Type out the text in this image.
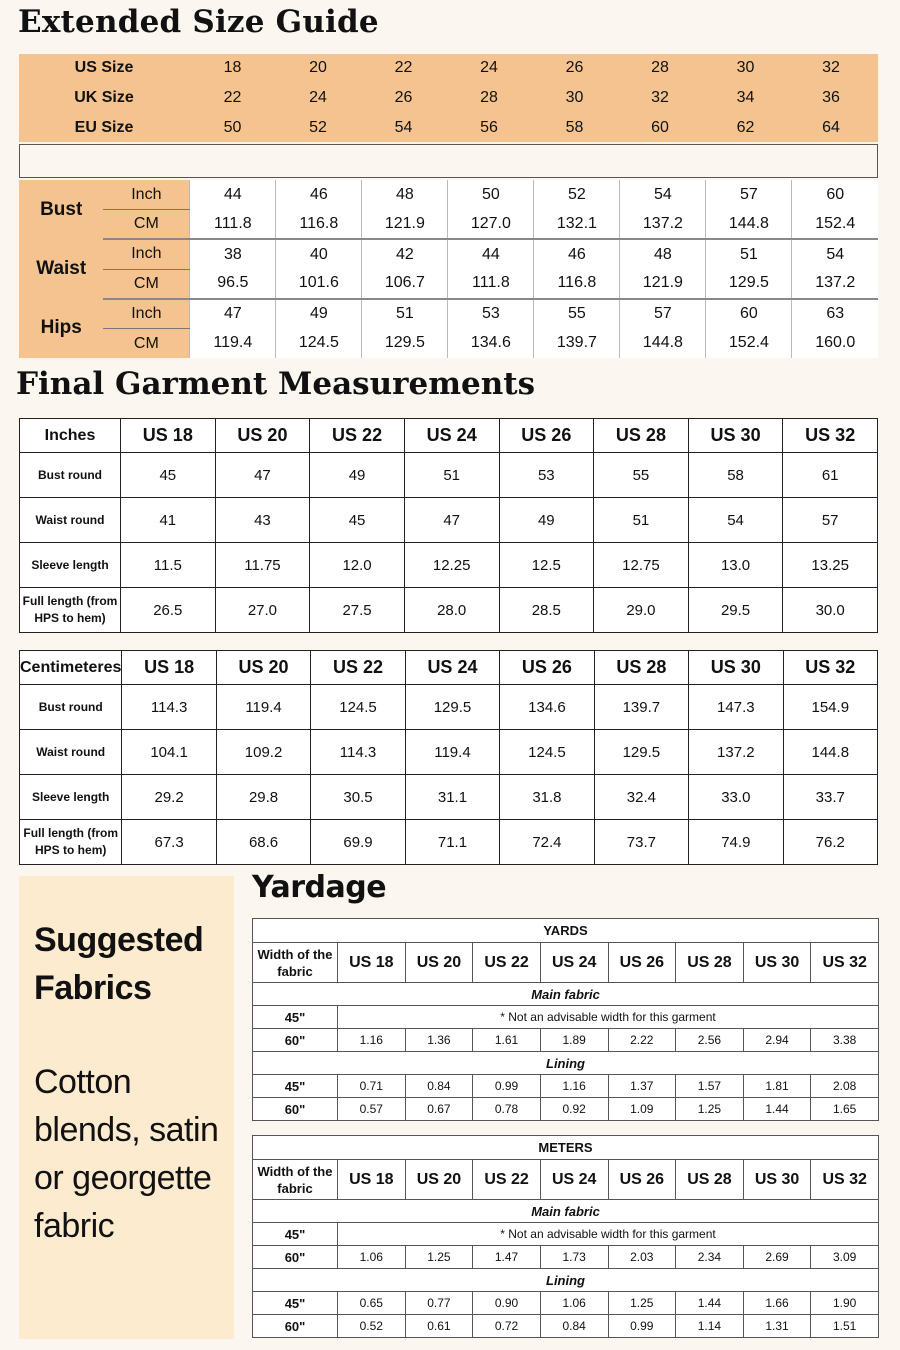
Extended Size Guide
US Size	18	20	22	24	26	28	30	32
UK Size	22	24	26	28	30	32	34	36
EU Size	50	52	54	56	58	60	62	64
Bust	Inch	44	46	48	50	52	54	57	60
	CM	111.8	116.8	121.9	127.0	132.1	137.2	144.8	152.4
Waist	Inch	38	40	42	44	46	48	51	54
	CM	96.5	101.6	106.7	111.8	116.8	121.9	129.5	137.2
Hips	Inch	47	49	51	53	55	57	60	63
	CM	119.4	124.5	129.5	134.6	139.7	144.8	152.4	160.0
Final Garment Measurements
Inches	US 18	US 20	US 22	US 24	US 26	US 28	US 30	US 32
Bust round	45	47	49	51	53	55	58	61
Waist round	41	43	45	47	49	51	54	57
Sleeve length	11.5	11.75	12.0	12.25	12.5	12.75	13.0	13.25
Full length (from HPS to hem)	26.5	27.0	27.5	28.0	28.5	29.0	29.5	30.0
Centimeteres	US 18	US 20	US 22	US 24	US 26	US 28	US 30	US 32
Bust round	114.3	119.4	124.5	129.5	134.6	139.7	147.3	154.9
Waist round	104.1	109.2	114.3	119.4	124.5	129.5	137.2	144.8
Sleeve length	29.2	29.8	30.5	31.1	31.8	32.4	33.0	33.7
Full length (from HPS to hem)	67.3	68.6	69.9	71.1	72.4	73.7	74.9	76.2
Suggested Fabrics
Cotton blends, satin or georgette fabric
Yardage
YARDS								
Width of the fabric	US 18	US 20	US 22	US 24	US 26	US 28	US 30	US 32
Main fabric								
45"	* Not an advisable width for this garment							
60"	1.16	1.36	1.61	1.89	2.22	2.56	2.94	3.38
Lining								
45"	0.71	0.84	0.99	1.16	1.37	1.57	1.81	2.08
60"	0.57	0.67	0.78	0.92	1.09	1.25	1.44	1.65
METERS								
Width of the fabric	US 18	US 20	US 22	US 24	US 26	US 28	US 30	US 32
Main fabric								
45"	* Not an advisable width for this garment							
60"	1.06	1.25	1.47	1.73	2.03	2.34	2.69	3.09
Lining								
45"	0.65	0.77	0.90	1.06	1.25	1.44	1.66	1.90
60"	0.52	0.61	0.72	0.84	0.99	1.14	1.31	1.51
